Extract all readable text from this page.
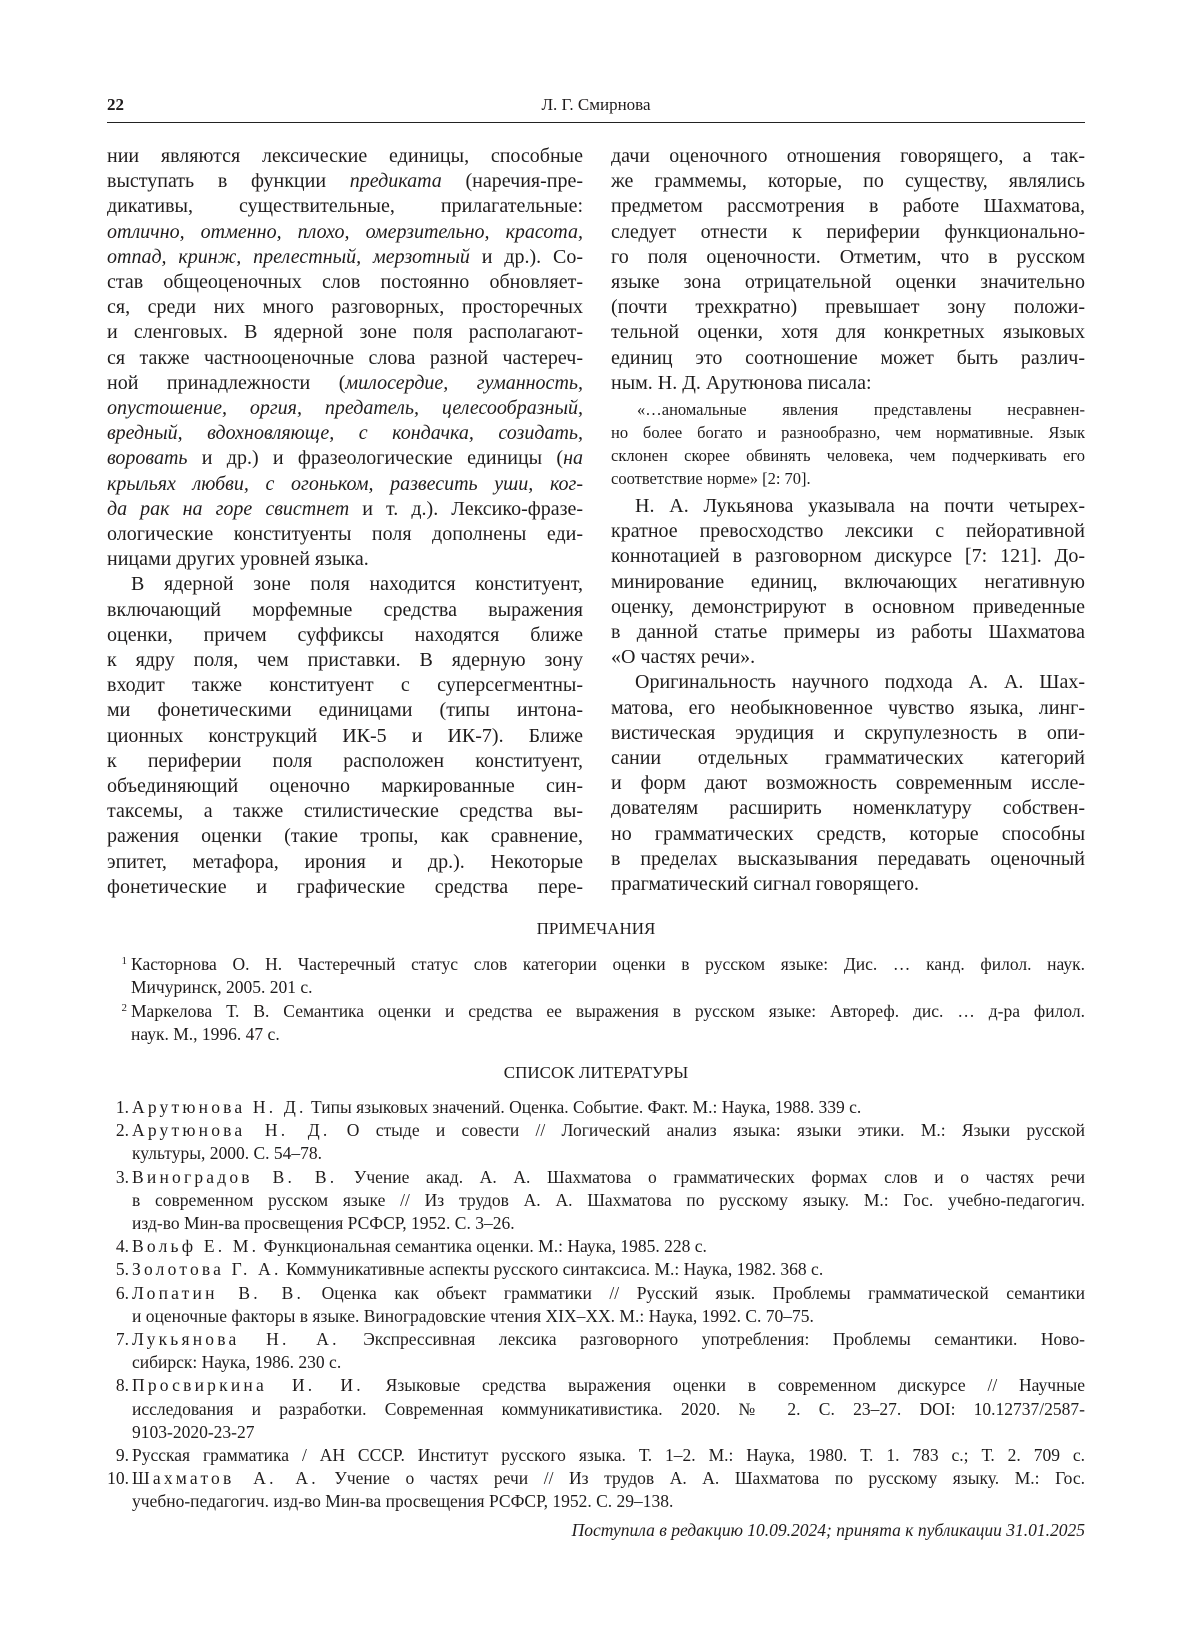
22	Л. Г. Смирнова
нии являются лексические единицы, способные
выступать в функции предиката (наречия-пре-
дикативы, существительные, прилагательные:
отлично, отменно, плохо, омерзительно, красота,
отпад, кринж, прелестный, мерзотный и др.). Со-
став общеоценочных слов постоянно обновляет-
ся, среди них много разговорных, просторечных
и сленговых. В ядерной зоне поля располагают-
ся также частнооценочные слова разной частереч-
ной принадлежности (милосердие, гуманность,
опустошение, оргия, предатель, целесообразный,
вредный, вдохновляюще, с кондачка, созидать,
воровать и др.) и фразеологические единицы (на
крыльях любви, с огоньком, развесить уши, ког-
да рак на горе свистнет и т. д.). Лексико-фразе-
ологические конституенты поля дополнены еди-
ницами других уровней языка.
В ядерной зоне поля находится конституент,
включающий морфемные средства выражения
оценки, причем суффиксы находятся ближе
к ядру поля, чем приставки. В ядерную зону
входит также конституент с суперсегментны-
ми фонетическими единицами (типы интона-
ционных конструкций ИК-5 и ИК-7). Ближе
к периферии поля расположен конституент,
объединяющий оценочно маркированные син-
таксемы, а также стилистические средства вы-
ражения оценки (такие тропы, как сравнение,
эпитет, метафора, ирония и др.). Некоторые
фонетические и графические средства пере-
дачи оценочного отношения говорящего, а так-
же граммемы, которые, по существу, являлись
предметом рассмотрения в работе Шахматова,
следует отнести к периферии функционально-
го поля оценочности. Отметим, что в русском
языке зона отрицательной оценки значительно
(почти трехкратно) превышает зону положи-
тельной оценки, хотя для конкретных языковых
единиц это соотношение может быть различ-
ным. Н. Д. Арутюнова писала:
«…аномальные явления представлены несравнен-
но более богато и разнообразно, чем нормативные. Язык
склонен скорее обвинять человека, чем подчеркивать его
соответствие норме» [2: 70].
Н. А. Лукьянова указывала на почти четырех-
кратное превосходство лексики с пейоративной
коннотацией в разговорном дискурсе [7: 121]. До-
минирование единиц, включающих негативную
оценку, демонстрируют в основном приведенные
в данной статье примеры из работы Шахматова
«О частях речи».
Оригинальность научного подхода А. А. Шах-
матова, его необыкновенное чувство языка, линг-
вистическая эрудиция и скрупулезность в опи-
сании отдельных грамматических категорий
и форм дают возможность современным иссле-
дователям расширить номенклатуру собствен-
но грамматических средств, которые способны
в пределах высказывания передавать оценочный
прагматический сигнал говорящего.
ПРИМЕЧАНИЯ
1 Касторнова О. Н. Частеречный статус слов категории оценки в русском языке: Дис. … канд. филол. наук.
Мичуринск, 2005. 201 с.
2 Маркелова Т. В. Семантика оценки и средства ее выражения в русском языке: Автореф. дис. … д-ра филол.
наук. М., 1996. 47 с.
СПИСОК ЛИТЕРАТУРЫ
1. Арутюнова Н. Д. Типы языковых значений. Оценка. Событие. Факт. М.: Наука, 1988. 339 с.
2. Арутюнова Н. Д. О стыде и совести // Логический анализ языка: языки этики. М.: Языки русской
культуры, 2000. С. 54–78.
3. Виноградов В. В. Учение акад. А. А. Шахматова о грамматических формах слов и о частях речи
в современном русском языке // Из трудов А. А. Шахматова по русскому языку. М.: Гос. учебно-педагогич.
изд-во Мин-ва просвещения РСФСР, 1952. С. 3–26.
4. Вольф Е. М. Функциональная семантика оценки. М.: Наука, 1985. 228 с.
5. Золотова Г. А. Коммуникативные аспекты русского синтаксиса. М.: Наука, 1982. 368 с.
6. Лопатин В. В. Оценка как объект грамматики // Русский язык. Проблемы грамматической семантики
и оценочные факторы в языке. Виноградовские чтения XIX–XX. М.: Наука, 1992. С. 70–75.
7. Лукьянова Н. А. Экспрессивная лексика разговорного употребления: Проблемы семантики. Ново-
сибирск: Наука, 1986. 230 с.
8. Просвиркина И. И. Языковые средства выражения оценки в современном дискурсе // Научные
исследования и разработки. Современная коммуникативистика. 2020. № 2. С. 23–27. DOI: 10.12737/2587-
9103-2020-23-27
9. Русская грамматика / АН СССР. Институт русского языка. Т. 1–2. М.: Наука, 1980. Т. 1. 783 с.; Т. 2. 709 с.
10. Шахматов А. А. Учение о частях речи // Из трудов А. А. Шахматова по русскому языку. М.: Гос.
учебно-педагогич. изд-во Мин-ва просвещения РСФСР, 1952. С. 29–138.
Поступила в редакцию 10.09.2024; принята к публикации 31.01.2025
